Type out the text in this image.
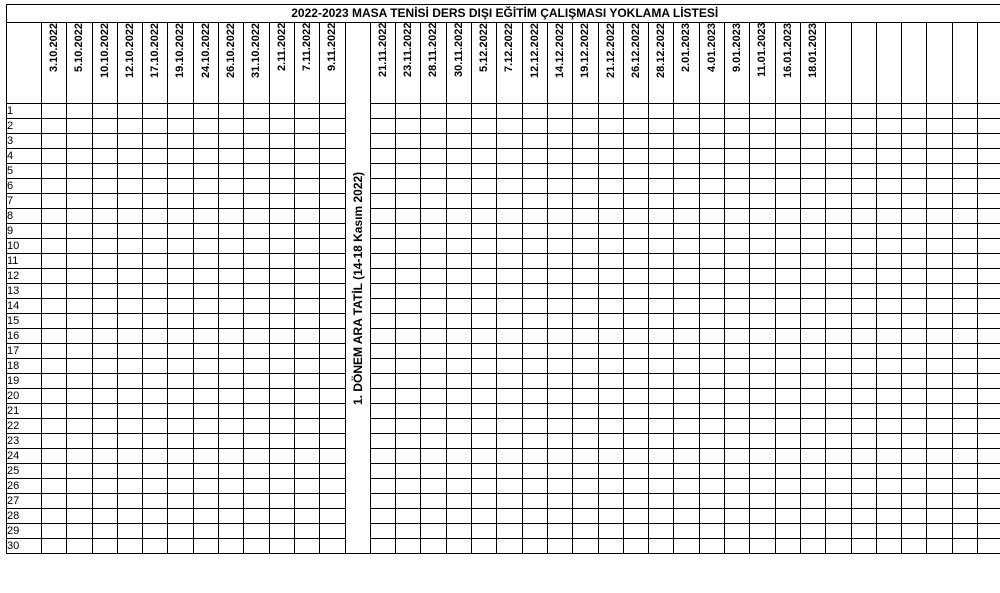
2022-2023 MASA TENİSİ DERS DIŞI EĞİTİM ÇALIŞMASI YOKLAMA LİSTESİ																																						

	3.10.2022	5.10.2022	10.10.2022	12.10.2022	17.10.2022	19.10.2022	24.10.2022	26.10.2022	31.10.2022	2.11.2022	7.11.2022	9.11.2022	1. DÖNEM ARA TATİL (14-18 Kasım 2022)	21.11.2022	23.11.2022	28.11.2022	30.11.2022	5.12.2022	7.12.2022	12.12.2022	14.12.2022	19.12.2022	21.12.2022	26.12.2022	28.12.2022	2.01.2023	4.01.2023	9.01.2023	11.01.2023	16.01.2023	18.01.2023							

1																																						
2																																						
3																																						
4																																						
5																																						
6																																						
7																																						
8																																						
9																																						
10																																						
11																																						
12																																						
13																																						
14																																						
15																																						
16																																						
17																																						
18																																						
19																																						
20																																						
21																																						
22																																						
23																																						
24																																						
25																																						
26																																						
27																																						
28																																						
29																																						
30																																						
